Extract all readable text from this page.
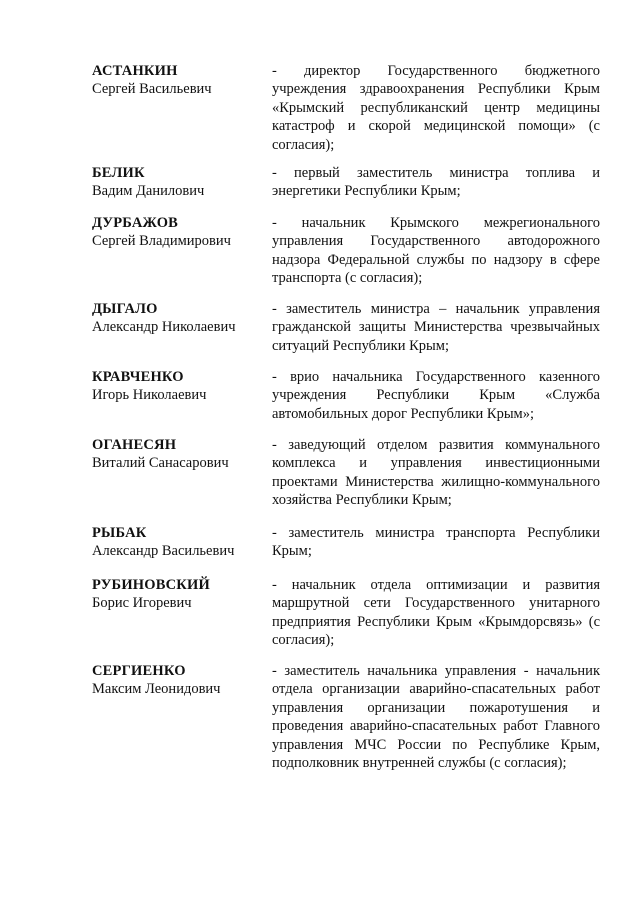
АСТАНКИН
Сергей Васильевич
- директор Государственного бюджетного учреждения здравоохранения Республики Крым «Крымский республиканский центр медицины катастроф и скорой медицинской помощи» (с согласия);
БЕЛИК
Вадим Данилович
- первый заместитель министра топлива и энергетики Республики Крым;
ДУРБАЖОВ
Сергей Владимирович
- начальник Крымского межрегионального управления Государственного автодорожного надзора Федеральной службы по надзору в сфере транспорта (с согласия);
ДЫГАЛО
Александр Николаевич
- заместитель министра – начальник управления гражданской защиты Министерства чрезвычайных ситуаций Республики Крым;
КРАВЧЕНКО
Игорь Николаевич
- врио начальника Государственного казенного учреждения Республики Крым «Служба автомобильных дорог Республики Крым»;
ОГАНЕСЯН
Виталий Санасарович
- заведующий отделом развития коммунального комплекса и управления инвестиционными проектами Министерства жилищно-коммунального хозяйства Республики Крым;
РЫБАК
Александр Васильевич
- заместитель министра транспорта Республики Крым;
РУБИНОВСКИЙ
Борис Игоревич
- начальник отдела оптимизации и развития маршрутной сети Государственного унитарного предприятия Республики Крым «Крымдорсвязь» (с согласия);
СЕРГИЕНКО
Максим Леонидович
- заместитель начальника управления - начальник отдела организации аварийно-спасательных работ управления организации пожаротушения и проведения аварийно-спасательных работ Главного управления МЧС России по Республике Крым, подполковник внутренней службы (с согласия);
